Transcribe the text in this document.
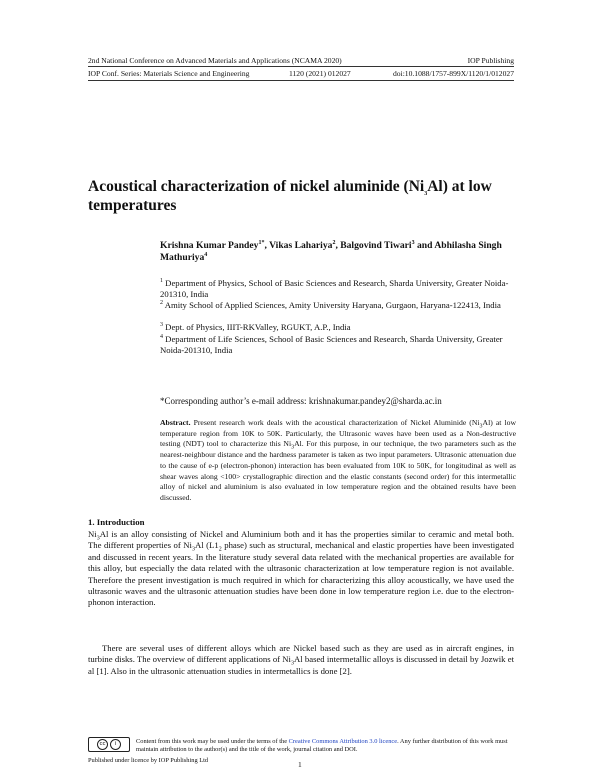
2nd National Conference on Advanced Materials and Applications (NCAMA 2020)	IOP Publishing
IOP Conf. Series: Materials Science and Engineering	1120 (2021) 012027	doi:10.1088/1757-899X/1120/1/012027
Acoustical characterization of nickel aluminide $(Ni_3Al)$ at low temperatures
Krishna Kumar Pandey$^{1*}$, Vikas Lahariya$^2$, Balgovind Tiwari$^3$ and Abhilasha Singh Mathuriya$^4$
$^1$ Department of Physics, School of Basic Sciences and Research, Sharda University, Greater Noida-201310, India
$^2$ Amity School of Applied Sciences, Amity University Haryana, Gurgaon, Haryana-122413, India
$^3$ Dept. of Physics, IIIT-RKValley, RGUKT, A.P., India
$^4$ Department of Life Sciences, School of Basic Sciences and Research, Sharda University, Greater Noida-201310, India
*Corresponding author’s e-mail address: krishnakumar.pandey2@sharda.ac.in
Abstract. Present research work deals with the acoustical characterization of Nickel Aluminide $(Ni_3Al)$ at low temperature region from 10K to 50K. Particularly, the Ultrasonic waves have been used as a Non-destructive testing (NDT) tool to characterize this $Ni_3Al$. For this purpose, in our technique, the two parameters such as the nearest-neighbour distance and the hardness parameter is taken as two input parameters. Ultrasonic attenuation due to the cause of e-p (electron-phonon) interaction has been evaluated from 10K to 50K, for longitudinal as well as shear waves along <100> crystallographic direction and the elastic constants (second order) for this intermetallic alloy of nickel and aluminium is also evaluated in low temperature region and the obtained results have been discussed.
1. Introduction
$Ni_3Al$ is an alloy consisting of Nickel and Aluminium both and it has the properties similar to ceramic and metal both. The different properties of $Ni_3Al$ ($L1_2$ phase) such as structural, mechanical and elastic properties have been investigated and discussed in recent years. In the literature study several data related with the mechanical properties are available for this alloy, but especially the data related with the ultrasonic characterization at low temperature region is not available. Therefore the present investigation is much required in which for characterizing this alloy acoustically, we have used the ultrasonic waves and the ultrasonic attenuation studies have been done in low temperature region i.e. due to the electron-phonon interaction.
There are several uses of different alloys which are Nickel based such as they are used as in aircraft engines, in turbine disks. The overview of different applications of $Ni_3Al$ based intermetallic alloys is discussed in detail by Jozwik et al [1]. Also in the ultrasonic attenuation studies in intermetallics is done [2].
cc	i	Content from this work may be used under the terms of the Creative Commons Attribution 3.0 licence. Any further distribution of this work must maintain attribution to the author(s) and the title of the work, journal citation and DOI.
Published under licence by IOP Publishing Ltd	1
